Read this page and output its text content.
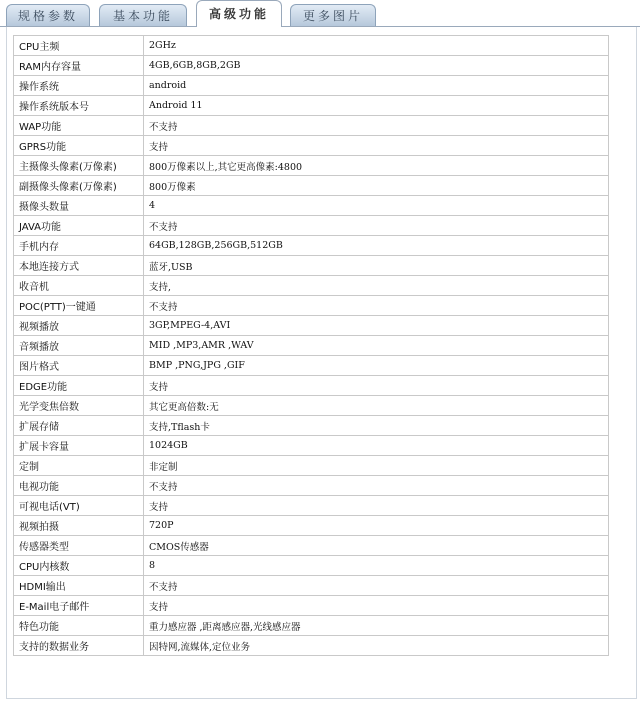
规格参数	基本功能	高级功能	更多图片
CPU主频	2GHz
RAM内存容量	4GB,6GB,8GB,2GB
操作系统	android
操作系统版本号	Android 11
WAP功能	不支持
GPRS功能	支持
主摄像头像素(万像素)	800万像素以上,其它更高像素:4800
副摄像头像素(万像素)	800万像素
摄像头数量	4
JAVA功能	不支持
手机内存	64GB,128GB,256GB,512GB
本地连接方式	蓝牙,USB
收音机	支持,
POC(PTT)一键通	不支持
视频播放	3GP,MPEG-4,AVI
音频播放	MID ,MP3,AMR ,WAV
图片格式	BMP ,PNG,JPG ,GIF
EDGE功能	支持
光学变焦倍数	其它更高倍数:无
扩展存储	支持,Tflash卡
扩展卡容量	1024GB
定制	非定制
电视功能	不支持
可视电话(VT)	支持
视频拍摄	720P
传感器类型	CMOS传感器
CPU内核数	8
HDMI输出	不支持
E-Mail电子邮件	支持
特色功能	重力感应器 ,距离感应器,光线感应器
支持的数据业务	因特网,流媒体,定位业务
